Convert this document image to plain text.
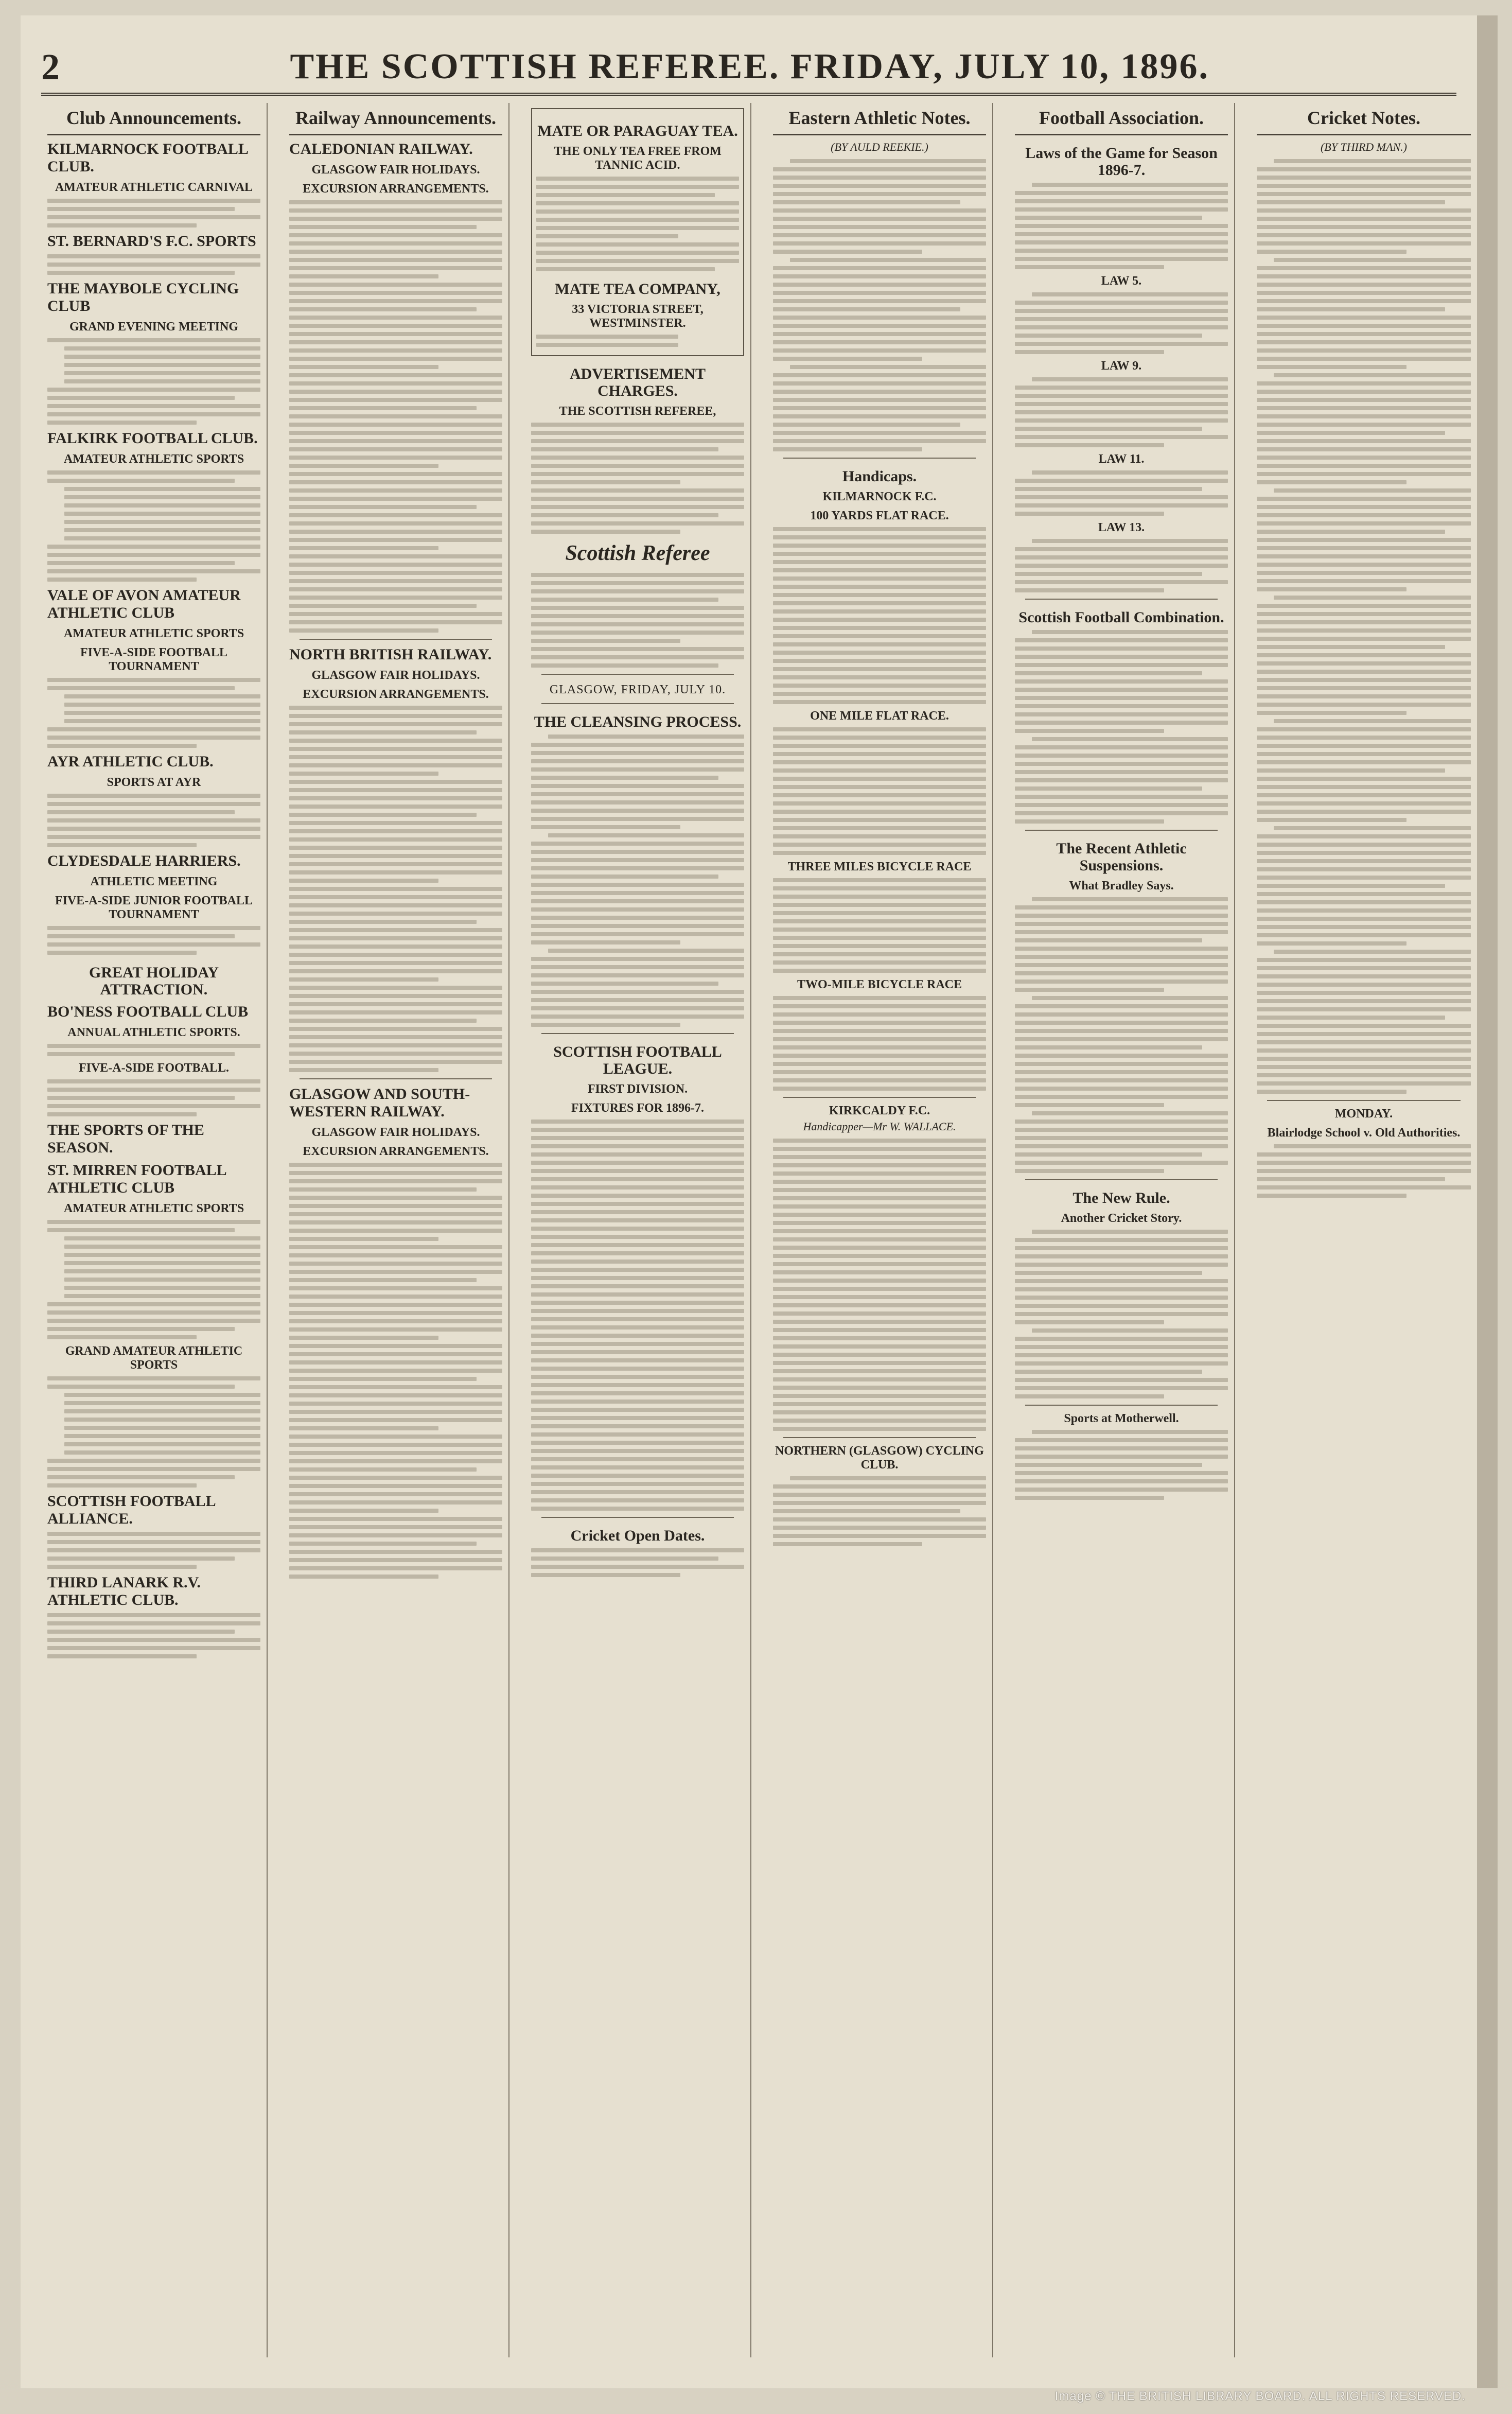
2	THE SCOTTISH REFEREE. FRIDAY, JULY 10, 1896.
Club Announcements.
KILMARNOCK FOOTBALL CLUB.
AMATEUR ATHLETIC CARNIVAL
ST. BERNARD'S F.C. SPORTS
THE MAYBOLE CYCLING CLUB
GRAND EVENING MEETING
FALKIRK FOOTBALL CLUB.
AMATEUR ATHLETIC SPORTS
VALE OF AVON AMATEUR ATHLETIC CLUB
AMATEUR ATHLETIC SPORTS
FIVE-A-SIDE FOOTBALL TOURNAMENT
AYR ATHLETIC CLUB.
SPORTS AT AYR
CLYDESDALE HARRIERS.
ATHLETIC MEETING
FIVE-A-SIDE JUNIOR FOOTBALL TOURNAMENT
GREAT HOLIDAY ATTRACTION.
BO'NESS FOOTBALL CLUB
ANNUAL ATHLETIC SPORTS.
FIVE-A-SIDE FOOTBALL.
THE SPORTS OF THE SEASON.
ST. MIRREN FOOTBALL ATHLETIC CLUB
AMATEUR ATHLETIC SPORTS
GRAND AMATEUR ATHLETIC SPORTS
SCOTTISH FOOTBALL ALLIANCE.
THIRD LANARK R.V. ATHLETIC CLUB.
Railway Announcements.
CALEDONIAN RAILWAY.
GLASGOW FAIR HOLIDAYS.
EXCURSION ARRANGEMENTS.
NORTH BRITISH RAILWAY.
GLASGOW FAIR HOLIDAYS.
EXCURSION ARRANGEMENTS.
GLASGOW AND SOUTH-WESTERN RAILWAY.
GLASGOW FAIR HOLIDAYS.
EXCURSION ARRANGEMENTS.
MATE OR PARAGUAY TEA.
THE ONLY TEA FREE FROM TANNIC ACID.
MATE TEA COMPANY,
33 VICTORIA STREET, WESTMINSTER.
ADVERTISEMENT CHARGES.
THE SCOTTISH REFEREE,
Scottish Referee
GLASGOW, FRIDAY, JULY 10.
THE CLEANSING PROCESS.
SCOTTISH FOOTBALL LEAGUE.
FIRST DIVISION.
FIXTURES FOR 1896-7.
Cricket Open Dates.
Eastern Athletic Notes.
(BY AULD REEKIE.)
Handicaps.
KILMARNOCK F.C.
100 YARDS FLAT RACE.
ONE MILE FLAT RACE.
THREE MILES BICYCLE RACE
TWO-MILE BICYCLE RACE
KIRKCALDY F.C.
Handicapper—Mr W. WALLACE.
NORTHERN (GLASGOW) CYCLING CLUB.
Football Association.
Laws of the Game for Season 1896-7.
LAW 5.
LAW 9.
LAW 11.
LAW 13.
Scottish Football Combination.
The Recent Athletic Suspensions.
What Bradley Says.
The New Rule.
Another Cricket Story.
Sports at Motherwell.
Cricket Notes.
(BY THIRD MAN.)
MONDAY.
Blairlodge School v. Old Authorities.
Image © THE BRITISH LIBRARY BOARD. ALL RIGHTS RESERVED.
